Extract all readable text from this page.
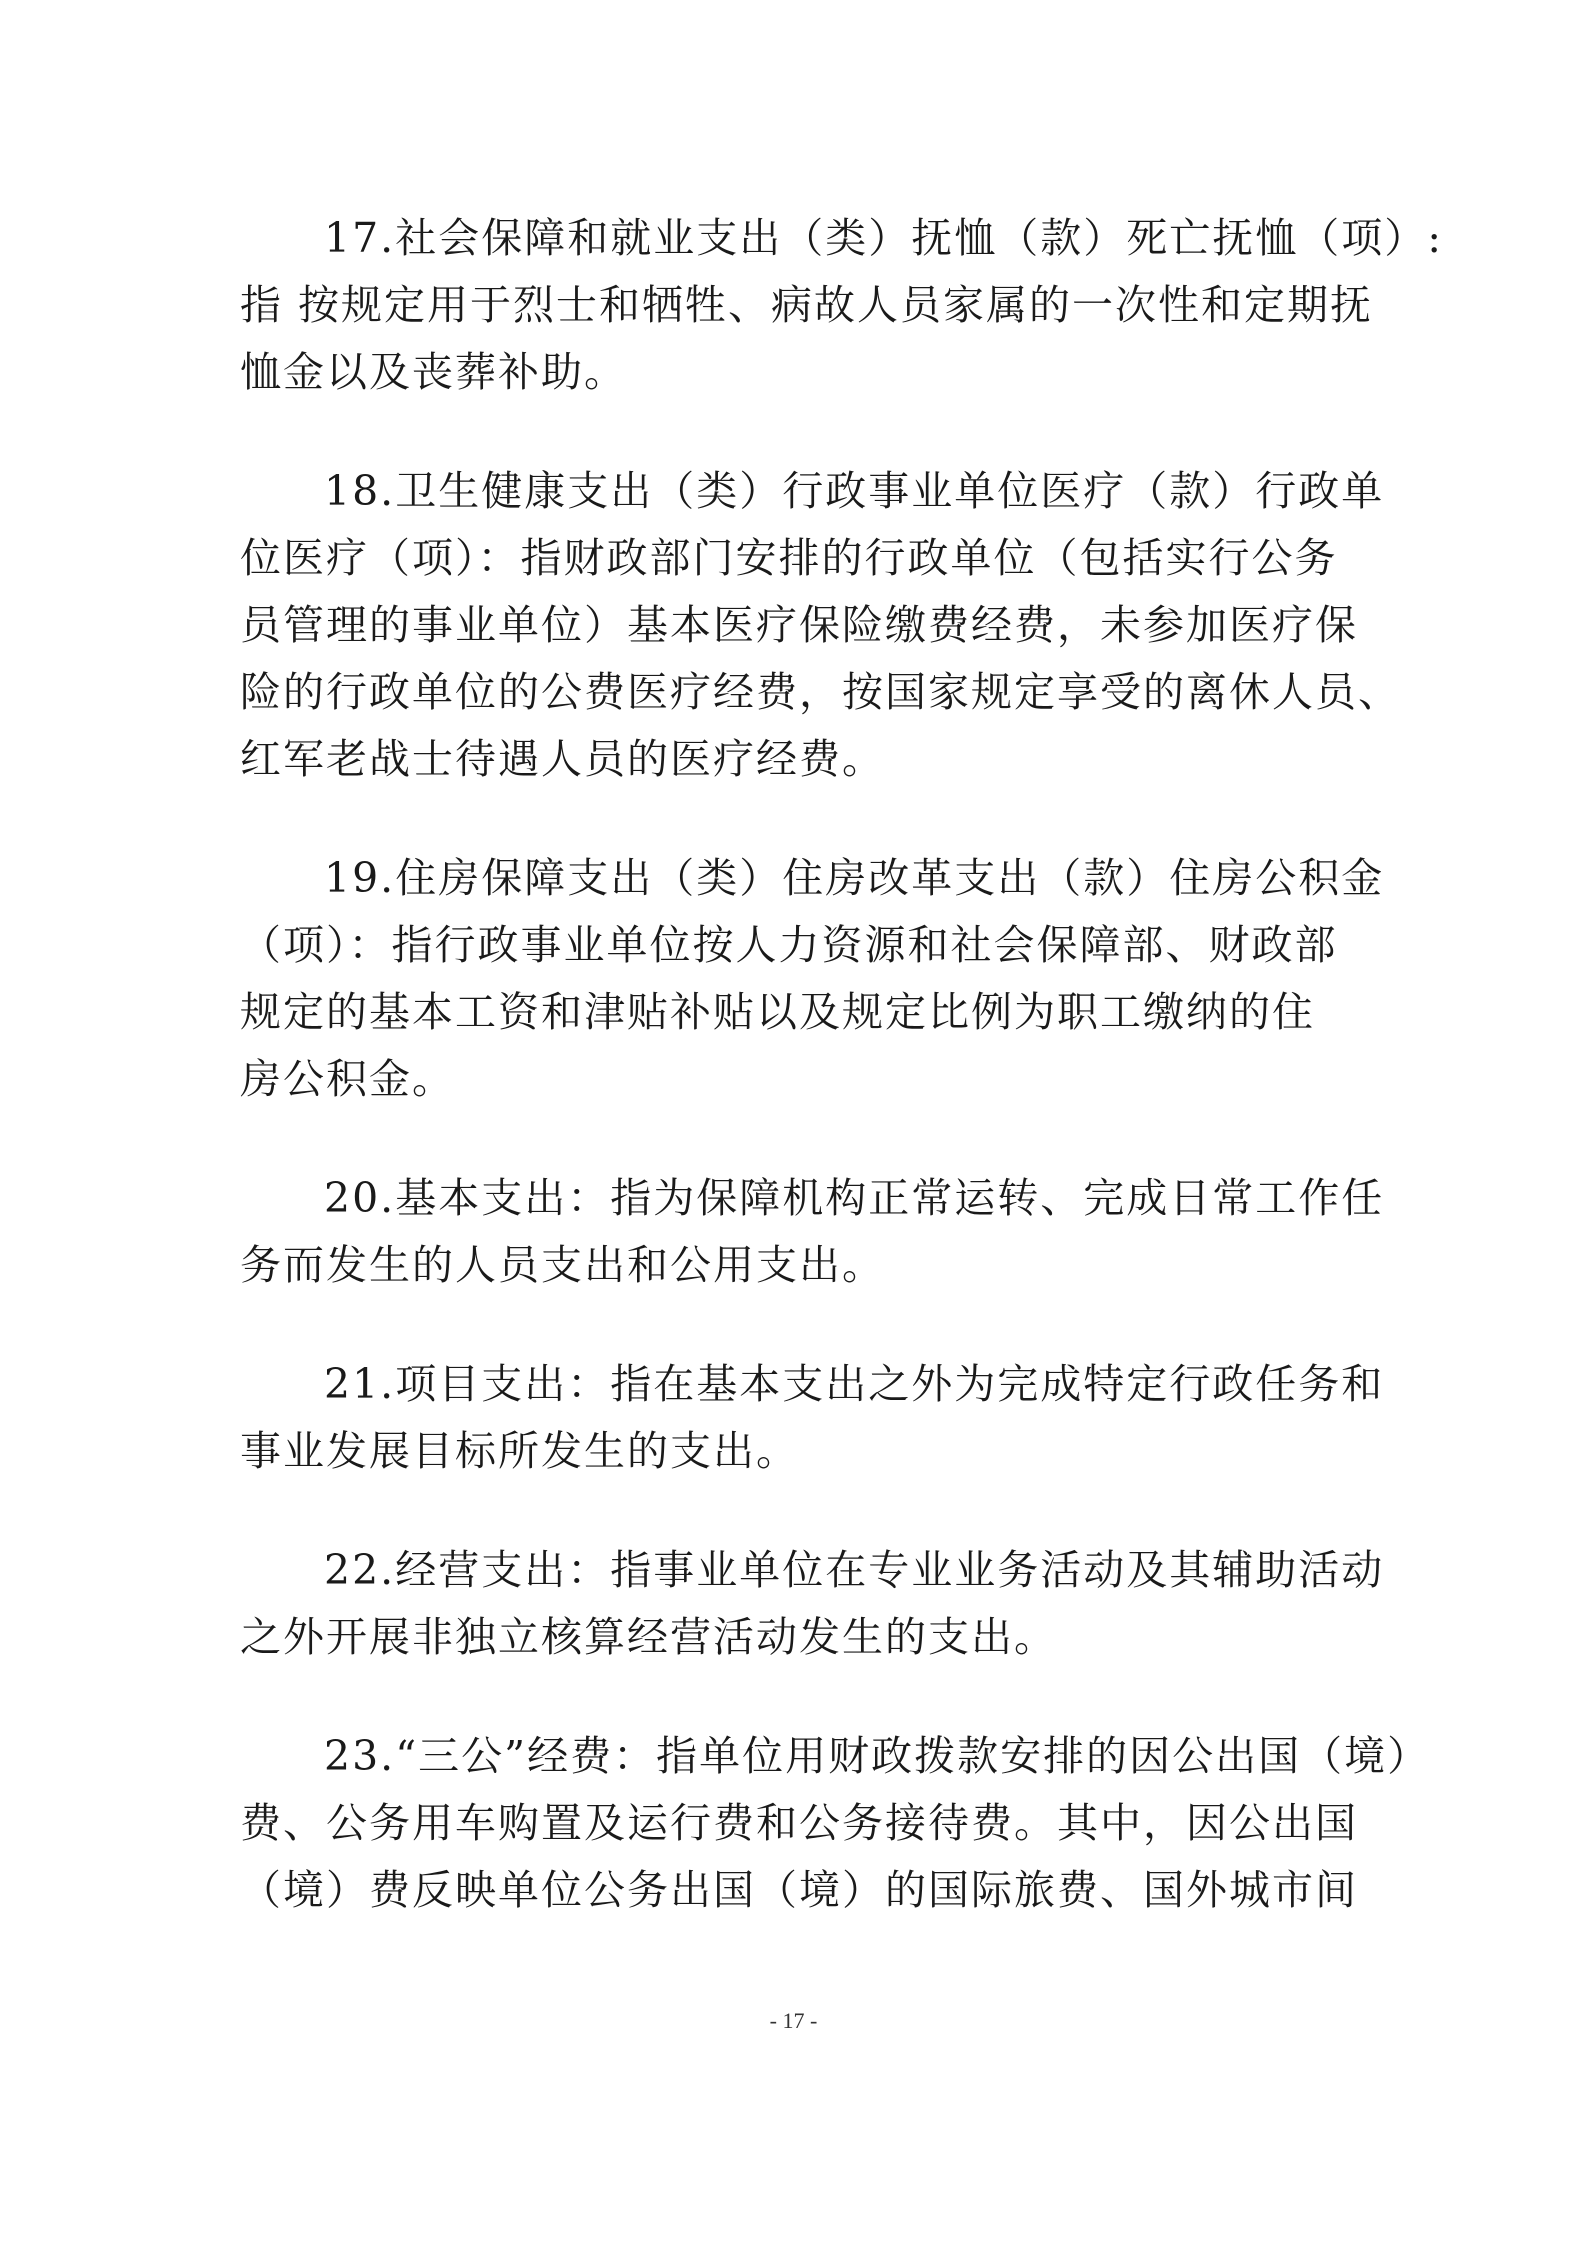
17.社会保障和就业支出（类）抚恤（款）死亡抚恤（项）:
指 按规定用于烈士和牺牲、病故人员家属的一次性和定期抚
恤金以及丧葬补助。

18.卫生健康支出（类）行政事业单位医疗（款）行政单
位医疗（项）：指财政部门安排的行政单位（包括实行公务
员管理的事业单位）基本医疗保险缴费经费，未参加医疗保
险的行政单位的公费医疗经费，按国家规定享受的离休人员、
红军老战士待遇人员的医疗经费。

19.住房保障支出（类）住房改革支出（款）住房公积金
（项）：指行政事业单位按人力资源和社会保障部、财政部
规定的基本工资和津贴补贴以及规定比例为职工缴纳的住
房公积金。

20.基本支出：指为保障机构正常运转、完成日常工作任
务而发生的人员支出和公用支出。

21.项目支出：指在基本支出之外为完成特定行政任务和
事业发展目标所发生的支出。

22.经营支出：指事业单位在专业业务活动及其辅助活动
之外开展非独立核算经营活动发生的支出。

23.“三公”经费：指单位用财政拨款安排的因公出国（境）
费、公务用车购置及运行费和公务接待费。其中，因公出国
（境）费反映单位公务出国（境）的国际旅费、国外城市间

- 17 -
